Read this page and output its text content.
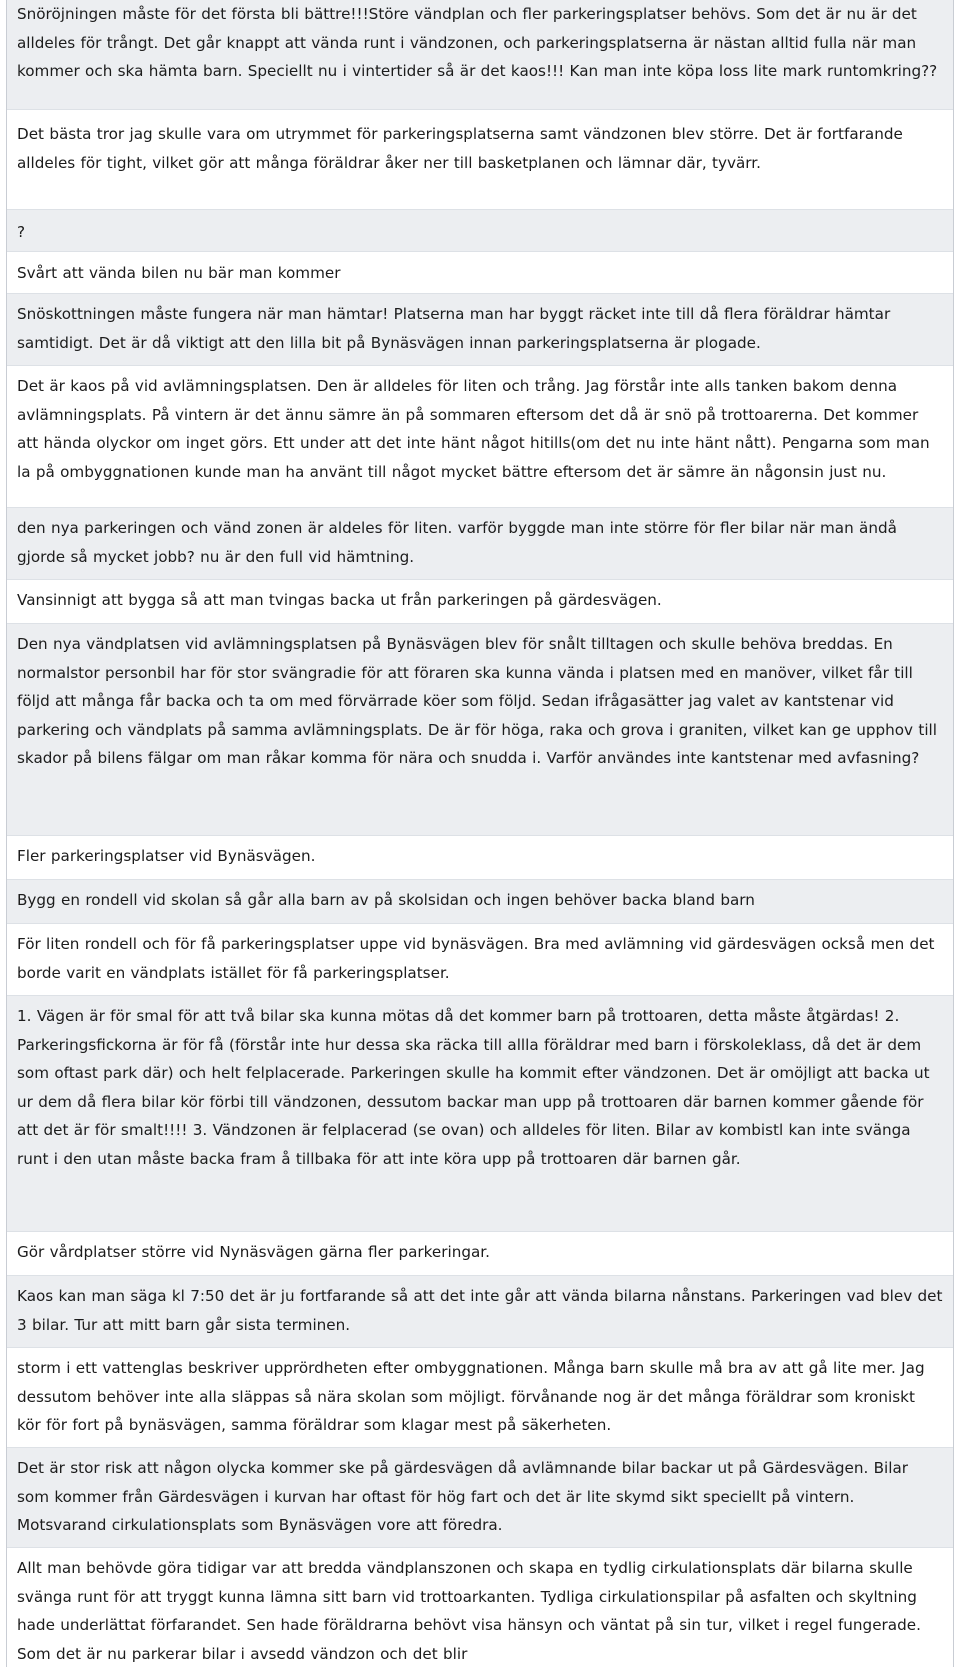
Snöröjningen måste för det första bli bättre!!!Störe vändplan och fler parkeringsplatser behövs. Som det är nu är det alldeles för trångt. Det går knappt att vända runt i vändzonen, och parkeringsplatserna är nästan alltid fulla när man kommer och ska hämta barn. Speciellt nu i vintertider så är det kaos!!! Kan man inte köpa loss lite mark runtomkring??
Det bästa tror jag skulle vara om utrymmet för parkeringsplatserna samt vändzonen blev större. Det är fortfarande alldeles för tight, vilket gör att många föräldrar åker ner till basketplanen och lämnar där, tyvärr.
?
Svårt att vända bilen nu bär man kommer
Snöskottningen måste fungera när man hämtar! Platserna man har byggt räcket inte till då flera föräldrar hämtar samtidigt. Det är då viktigt att den lilla bit på Bynäsvägen innan parkeringsplatserna är plogade.
Det är kaos på vid avlämningsplatsen. Den är alldeles för liten och trång. Jag förstår inte alls tanken bakom denna avlämningsplats. På vintern är det ännu sämre än på sommaren eftersom det då är snö på trottoarerna. Det kommer att hända olyckor om inget görs. Ett under att det inte hänt något hitills(om det nu inte hänt nått). Pengarna som man la på ombyggnationen kunde man ha använt till något mycket bättre eftersom det är sämre än någonsin just nu.
den nya parkeringen och vänd zonen är aldeles för liten. varför byggde man inte större för fler bilar när man ändå gjorde så mycket jobb? nu är den full vid hämtning.
Vansinnigt att bygga så att man tvingas backa ut från parkeringen på gärdesvägen.
Den nya vändplatsen vid avlämningsplatsen på Bynäsvägen blev för snålt tilltagen och skulle behöva breddas. En normalstor personbil har för stor svängradie för att föraren ska kunna vända i platsen med en manöver, vilket får till följd att många får backa och ta om med förvärrade köer som följd. Sedan ifrågasätter jag valet av kantstenar vid parkering och vändplats på samma avlämningsplats. De är för höga, raka och grova i graniten, vilket kan ge upphov till skador på bilens fälgar om man råkar komma för nära och snudda i. Varför användes inte kantstenar med avfasning?
Fler parkeringsplatser vid Bynäsvägen.
Bygg en rondell vid skolan så går alla barn av på skolsidan och ingen behöver backa bland barn
För liten rondell och för få parkeringsplatser uppe vid bynäsvägen. Bra med avlämning vid gärdesvägen också men det borde varit en vändplats istället för få parkeringsplatser.
1. Vägen är för smal för att två bilar ska kunna mötas då det kommer barn på trottoaren, detta måste åtgärdas! 2. Parkeringsfickorna är för få (förstår inte hur dessa ska räcka till allla föräldrar med barn i förskoleklass, då det är dem som oftast park där) och helt felplacerade. Parkeringen skulle ha kommit efter vändzonen. Det är omöjligt att backa ut ur dem då flera bilar kör förbi till vändzonen, dessutom backar man upp på trottoaren där barnen kommer gående för att det är för smalt!!!! 3. Vändzonen är felplacerad (se ovan) och alldeles för liten. Bilar av kombistl kan inte svänga runt i den utan måste backa fram å tillbaka för att inte köra upp på trottoaren där barnen går.
Gör vårdplatser större vid Nynäsvägen gärna fler parkeringar.
Kaos kan man säga kl 7:50 det är ju fortfarande så att det inte går att vända bilarna nånstans. Parkeringen vad blev det 3 bilar. Tur att mitt barn går sista terminen.
storm i ett vattenglas beskriver upprördheten efter ombyggnationen. Många barn skulle må bra av att gå lite mer. Jag dessutom behöver inte alla släppas så nära skolan som möjligt. förvånande nog är det många föräldrar som kroniskt kör för fort på bynäsvägen, samma föräldrar som klagar mest på säkerheten.
Det är stor risk att någon olycka kommer ske på gärdesvägen då avlämnande bilar backar ut på Gärdesvägen. Bilar som kommer från Gärdesvägen i kurvan har oftast för hög fart och det är lite skymd sikt speciellt på vintern. Motsvarand cirkulationsplats som Bynäsvägen vore att föredra.
Allt man behövde göra tidigar var att bredda vändplanszonen och skapa en tydlig cirkulationsplats där bilarna skulle svänga runt för att tryggt kunna lämna sitt barn vid trottoarkanten. Tydliga cirkulationspilar på asfalten och skyltning hade underlättat förfarandet. Sen hade föräldrarna behövt visa hänsyn och väntat på sin tur, vilket i regel fungerade. Som det är nu parkerar bilar i avsedd vändzon och det blir
